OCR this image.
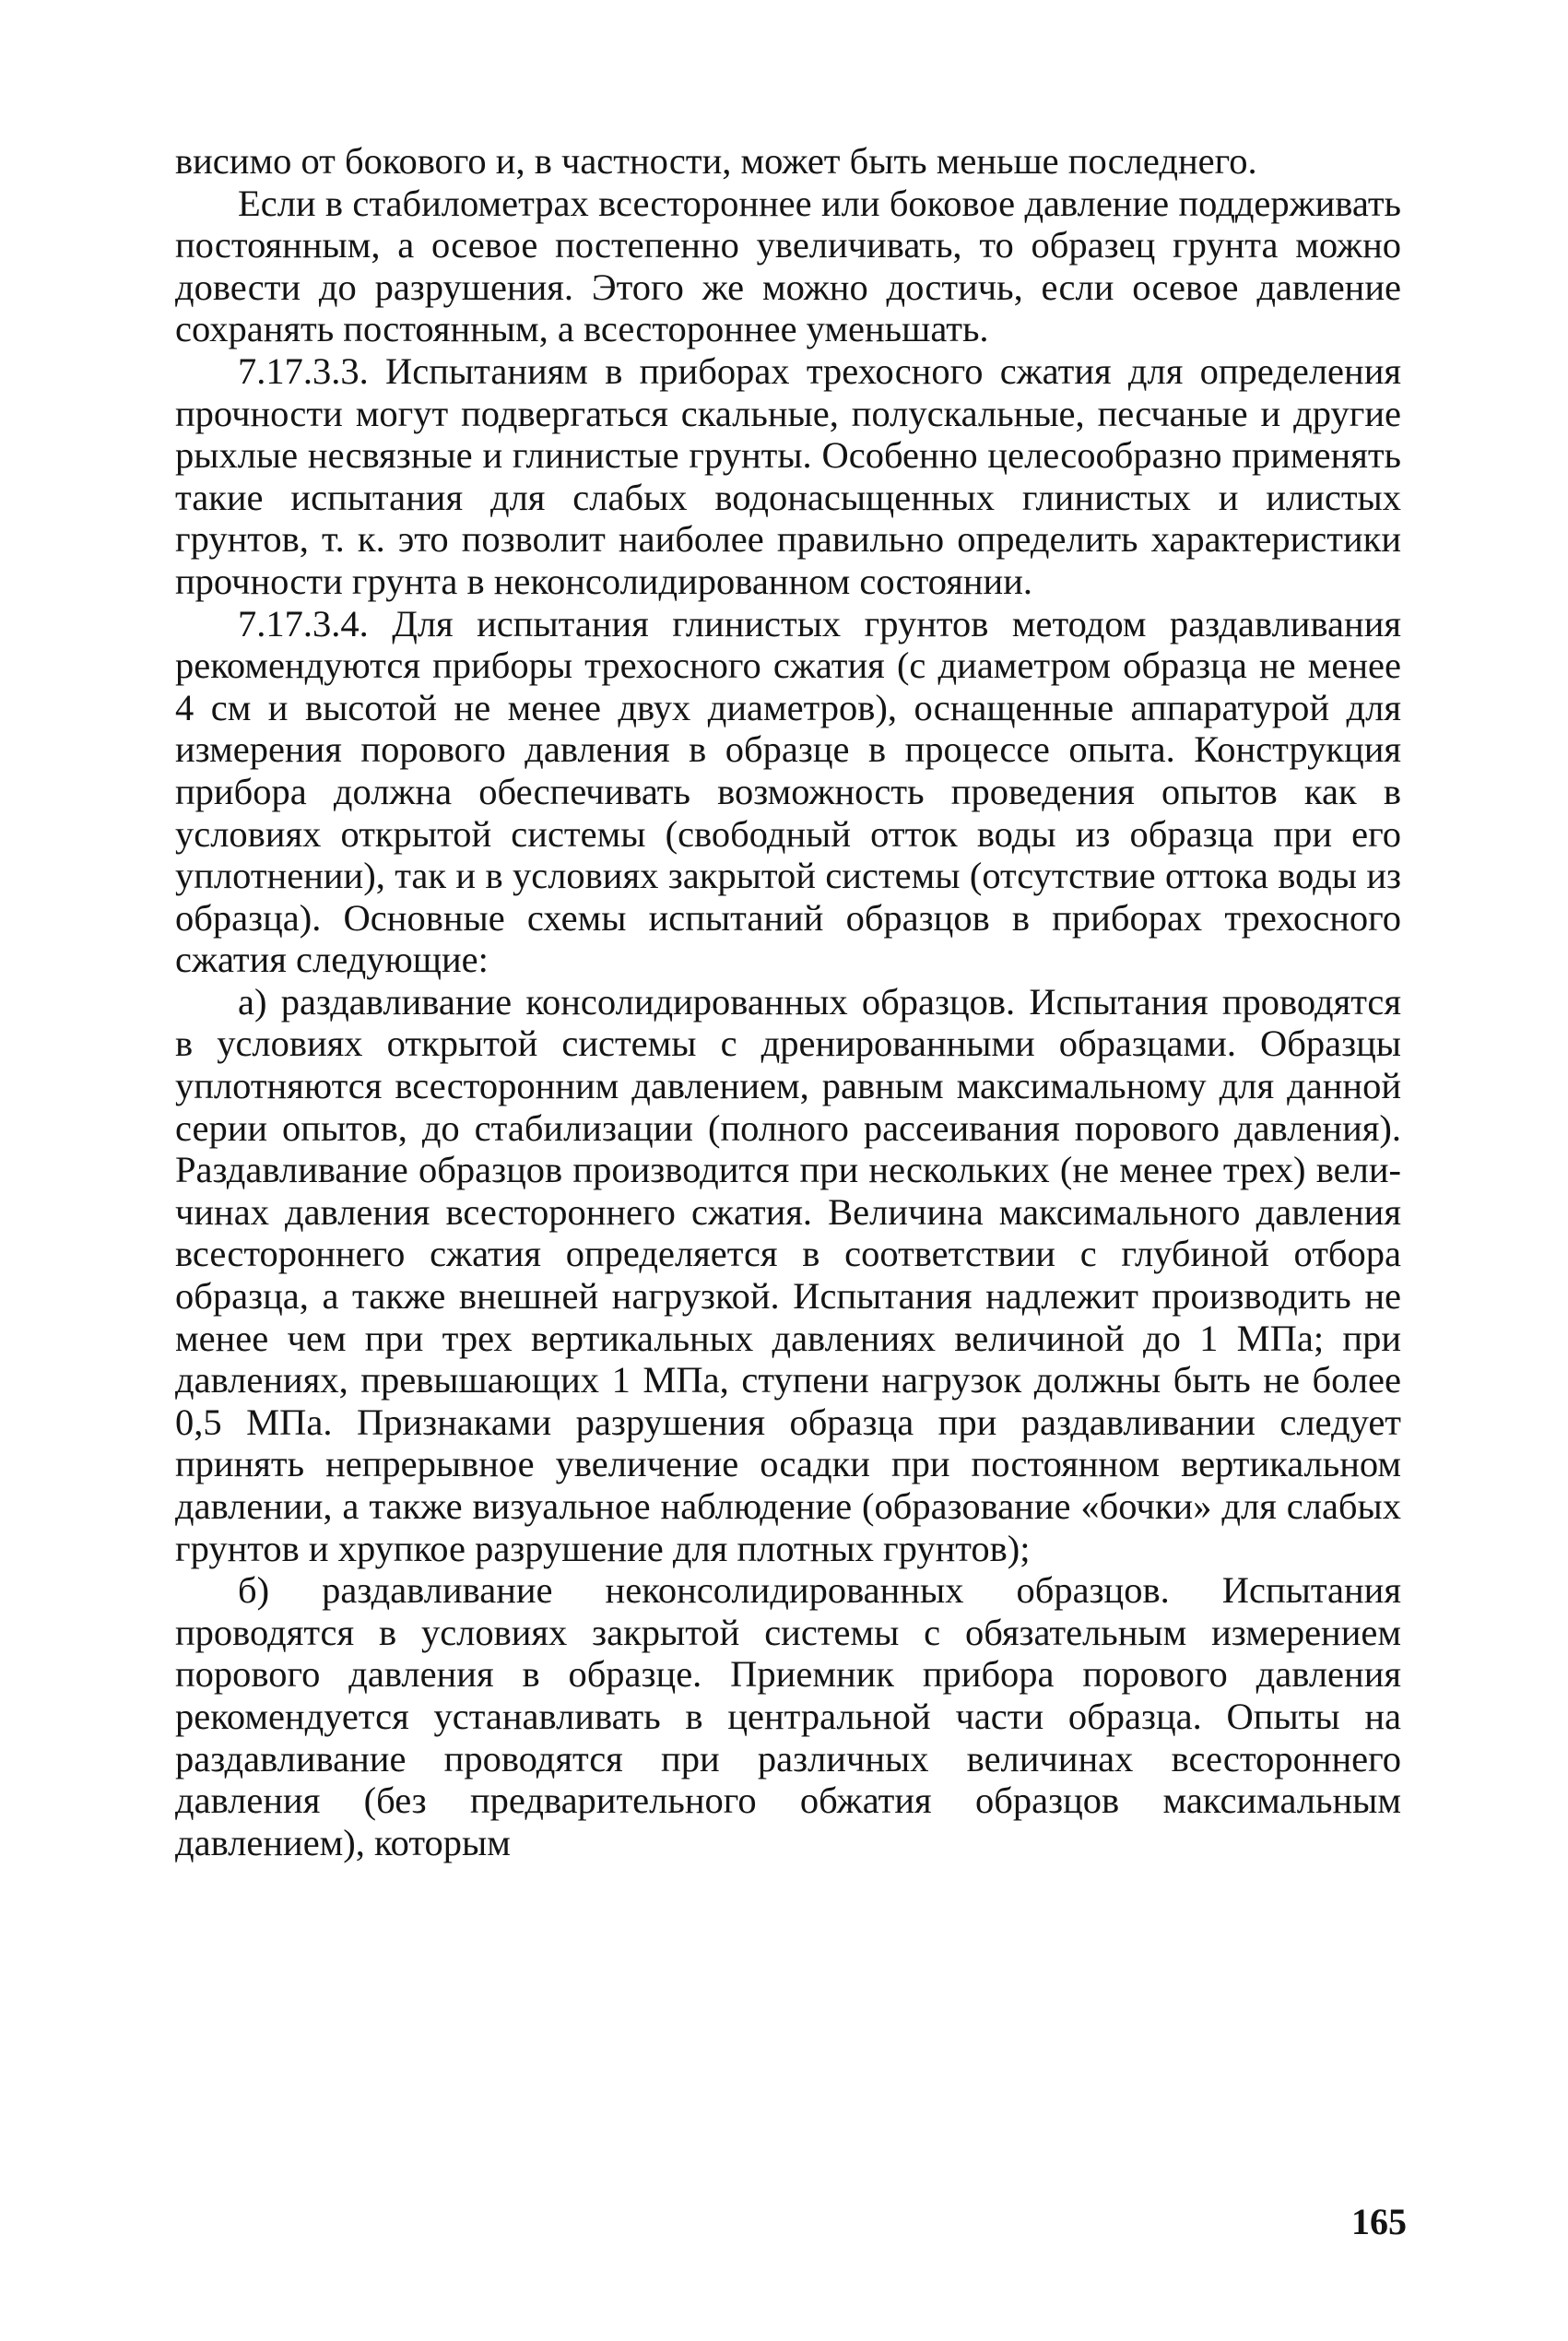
висимо от бокового и, в частности, может быть меньше последнего.

Если в стабилометрах всестороннее или боковое давление поддерживать постоянным, а осевое постепенно увеличивать, то образец грунта можно довести до разрушения. Этого же можно достичь, если осевое давление сохранять постоянным, а всестороннее уменьшать.

7.17.3.3. Испытаниям в приборах трехосного сжатия для определения прочности могут подвергаться скальные, полускальные, песчаные и другие рыхлые несвязные и глинистые грунты. Особенно целесообразно применять такие испытания для слабых водонасыщенных глинистых и илистых грунтов, т. к. это позволит наиболее правильно определить характеристики прочности грунта в неконсолидированном состоянии.

7.17.3.4. Для испытания глинистых грунтов методом раздавливания рекомендуются приборы трехосного сжатия (с диаметром образца не менее 4 см и высотой не менее двух диаметров), оснащенные аппаратурой для измерения порового давления в образце в процессе опыта. Конструкция прибора должна обеспечивать возможность проведения опытов как в условиях открытой системы (свободный отток воды из образца при его уплотнении), так и в условиях закрытой системы (отсутствие оттока воды из образца). Основные схемы испытаний образцов в приборах трехосного сжатия следующие:

а) раздавливание консолидированных образцов. Испытания проводятся в условиях открытой системы с дренированными образцами. Образцы уплотняются всесторонним давлением, равным максимальному для данной серии опытов, до стабилизации (полного рассеивания порового давления). Раздавливание образцов производится при нескольких (не менее трех) величинах давления всестороннего сжатия. Величина максимального давления всестороннего сжатия определяется в соответствии с глубиной отбора образца, а также внешней нагрузкой. Испытания надлежит производить не менее чем при трех вертикальных давлениях величиной до 1 МПа; при давлениях, превышающих 1 МПа, ступени нагрузок должны быть не более 0,5 МПа. Признаками разрушения образца при раздавливании следует принять непрерывное увеличение осадки при постоянном вертикальном давлении, а также визуальное наблюдение (образование «бочки» для слабых грунтов и хрупкое разрушение для плотных грунтов);

б) раздавливание неконсолидированных образцов. Испытания проводятся в условиях закрытой системы с обязательным измерением порового давления в образце. Приемник прибора порового давления рекомендуется устанавливать в центральной части образца. Опыты на раздавливание проводятся при различных величинах всестороннего давления (без предварительного обжатия образцов максимальным давлением), которым

165
